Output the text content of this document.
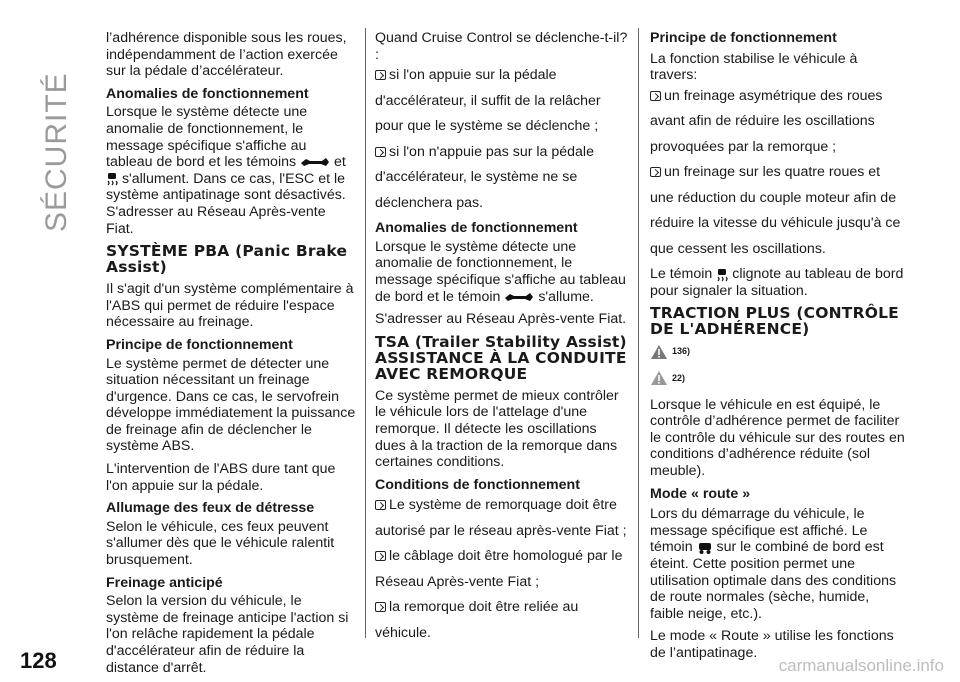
SÉCURITÉ
128	carmanualsonline.info

l’adhérence disponible sous les roues, indépendamment de l’action exercée sur la pédale d’accélérateur.

Anomalies de fonctionnement

Lorsque le système détecte une anomalie de fonctionnement, le message spécifique s'affiche au tableau de bord et les témoins	et  s'allument. Dans ce cas, l'ESC et le système antipatinage sont désactivés. S'adresser au Réseau Après-vente Fiat.

SYSTÈME PBA (Panic Brake Assist)

Il s'agit d'un système complémentaire à l'ABS qui permet de réduire l'espace nécessaire au freinage.

Principe de fonctionnement

Le système permet de détecter une situation nécessitant un freinage d'urgence. Dans ce cas, le servofrein développe immédiatement la puissance de freinage afin de déclencher le système ABS.

L'intervention de l'ABS dure tant que l'on appuie sur la pédale.

Allumage des feux de détresse

Selon le véhicule, ces feux peuvent s'allumer dès que le véhicule ralentit brusquement.

Freinage anticipé

Selon la version du véhicule, le système de freinage anticipe l'action si l'on relâche rapidement la pédale d'accélérateur afin de réduire la distance d'arrêt.

Quand Cruise Control se déclenche-t-il? :

si l'on appuie sur la pédale d'accélérateur, il suffit de la relâcher pour que le système se déclenche ;

si l'on n'appuie pas sur la pédale d'accélérateur, le système ne se déclenchera pas.

Anomalies de fonctionnement

Lorsque le système détecte une anomalie de fonctionnement, le message spécifique s'affiche au tableau de bord et le témoin	s'allume.

S'adresser au Réseau Après-vente Fiat.

TSA (Trailer Stability Assist) ASSISTANCE À LA CONDUITE AVEC REMORQUE

Ce système permet de mieux contrôler le véhicule lors de l'attelage d'une remorque. Il détecte les oscillations dues à la traction de la remorque dans certaines conditions.

Conditions de fonctionnement

Le système de remorquage doit être autorisé par le réseau après-vente Fiat ;

le câblage doit être homologué par le Réseau Après-vente Fiat ;

la remorque doit être reliée au véhicule.

Principe de fonctionnement

La fonction stabilise le véhicule à travers:

un freinage asymétrique des roues avant afin de réduire les oscillations provoquées par la remorque ;

un freinage sur les quatre roues et une réduction du couple moteur afin de réduire la vitesse du véhicule jusqu'à ce que cessent les oscillations.

Le témoin clignote au tableau de bord pour signaler la situation.

TRACTION PLUS (CONTRÔLE DE L'ADHÉRENCE)
136)
22)

Lorsque le véhicule en est équipé, le contrôle d’adhérence permet de faciliter le contrôle du véhicule sur des routes en conditions d’adhérence réduite (sol meuble).

Mode « route »

Lors du démarrage du véhicule, le message spécifique est affiché. Le témoin sur le combiné de bord est éteint. Cette position permet une utilisation optimale dans des conditions de route normales (sèche, humide, faible neige, etc.).

Le mode « Route » utilise les fonctions de l’antipatinage.
